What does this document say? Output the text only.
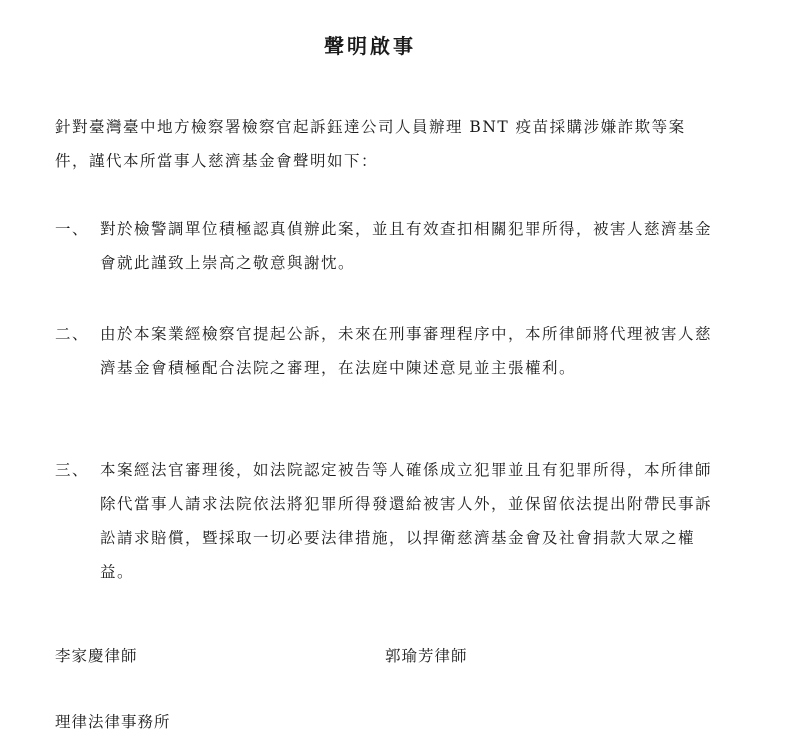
聲明啟事
針對臺灣臺中地方檢察署檢察官起訴鈺達公司人員辦理 BNT 疫苗採購涉嫌詐欺等案件，謹代本所當事人慈濟基金會聲明如下：
一、 對於檢警調單位積極認真偵辦此案，並且有效查扣相關犯罪所得，被害人慈濟基金會就此謹致上崇高之敬意與謝忱。
二、 由於本案業經檢察官提起公訴，未來在刑事審理程序中，本所律師將代理被害人慈濟基金會積極配合法院之審理，在法庭中陳述意見並主張權利。
三、 本案經法官審理後，如法院認定被告等人確係成立犯罪並且有犯罪所得，本所律師除代當事人請求法院依法將犯罪所得發還給被害人外，並保留依法提出附帶民事訴訟請求賠償，暨採取一切必要法律措施，以捍衛慈濟基金會及社會捐款大眾之權益。
李家慶律師	郭瑜芳律師
理律法律事務所
